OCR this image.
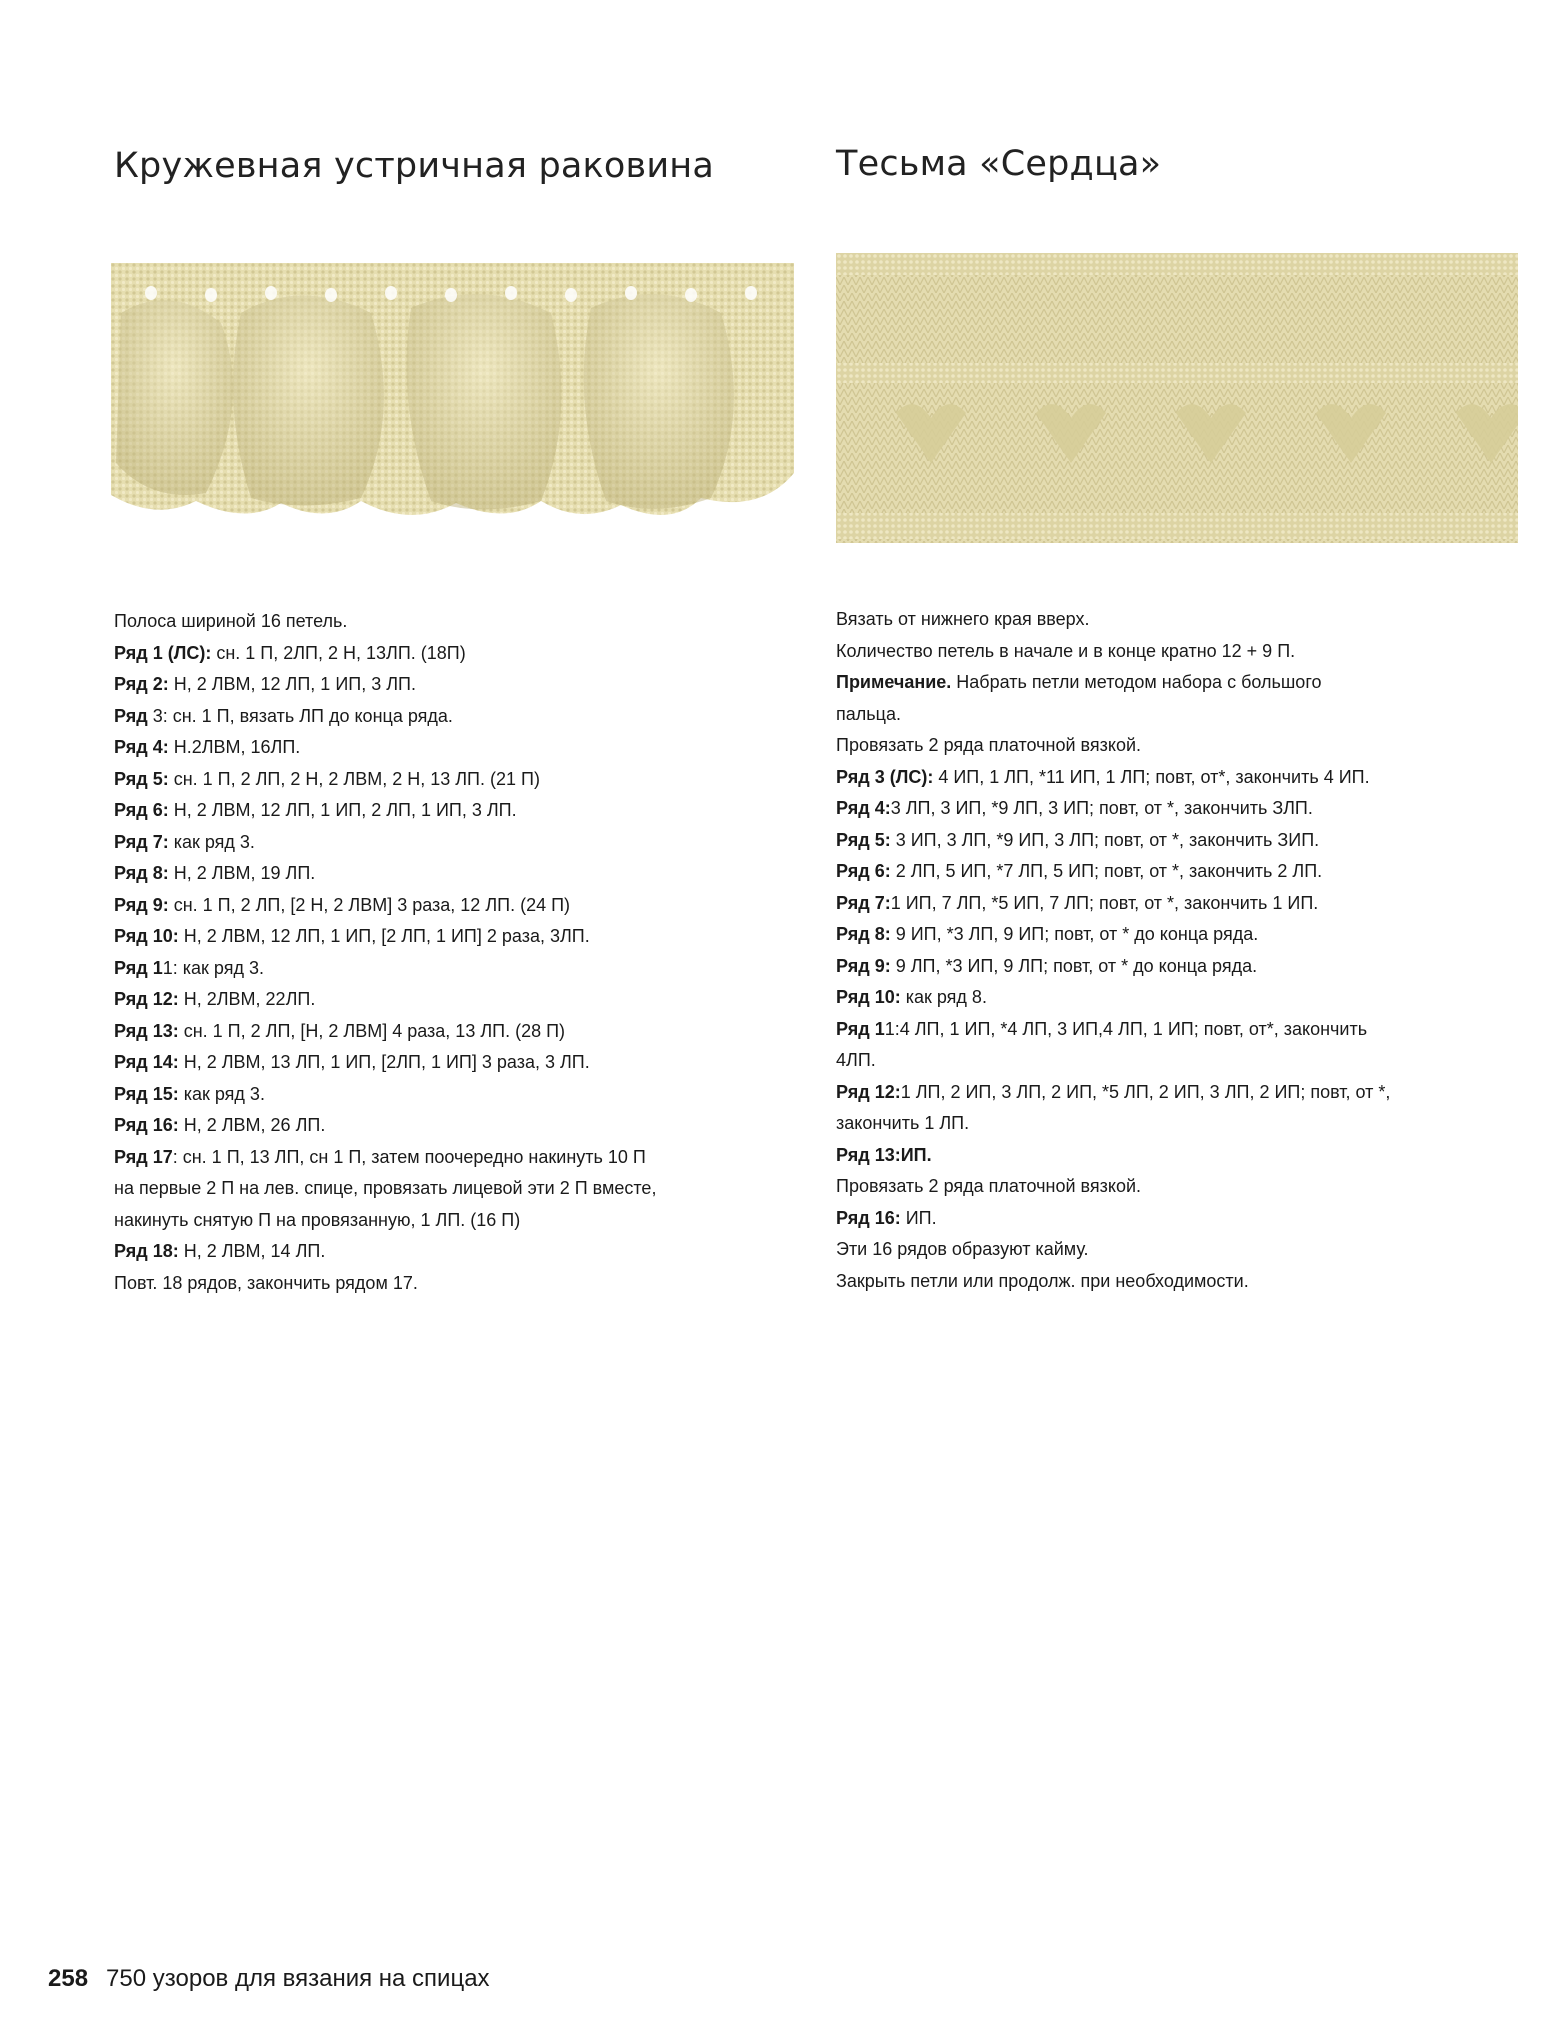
Кружевная устричная раковина
Полоса шириной 16 петель.
Ряд 1 (ЛС): сн. 1 П, 2ЛП, 2 Н, 13ЛП. (18П)
Ряд 2: Н, 2 ЛВМ, 12 ЛП, 1 ИП, 3 ЛП.
Ряд 3: сн. 1 П, вязать ЛП до конца ряда.
Ряд 4: Н.2ЛВМ, 16ЛП.
Ряд 5: сн. 1 П, 2 ЛП, 2 Н, 2 ЛВМ, 2 Н, 13 ЛП. (21 П)
Ряд 6: Н, 2 ЛВМ, 12 ЛП, 1 ИП, 2 ЛП, 1 ИП, 3 ЛП.
Ряд 7: как ряд 3.
Ряд 8: Н, 2 ЛВМ, 19 ЛП.
Ряд 9: сн. 1 П, 2 ЛП, [2 Н, 2 ЛВМ] 3 раза, 12 ЛП. (24 П)
Ряд 10: Н, 2 ЛВМ, 12 ЛП, 1 ИП, [2 ЛП, 1 ИП] 2 раза, 3ЛП.
Ряд 11: как ряд 3.
Ряд 12: Н, 2ЛВМ, 22ЛП.
Ряд 13: сн. 1 П, 2 ЛП, [Н, 2 ЛВМ] 4 раза, 13 ЛП. (28 П)
Ряд 14: Н, 2 ЛВМ, 13 ЛП, 1 ИП, [2ЛП, 1 ИП] 3 раза, 3 ЛП.
Ряд 15: как ряд 3.
Ряд 16: Н, 2 ЛВМ, 26 ЛП.
Ряд 17: сн. 1 П, 13 ЛП, сн 1 П, затем поочередно накинуть 10 П
на первые 2 П на лев. спице, провязать лицевой эти 2 П вместе,
накинуть снятую П на провязанную, 1 ЛП. (16 П)
Ряд 18: Н, 2 ЛВМ, 14 ЛП.
Повт. 18 рядов, закончить рядом 17.
Тесьма «Сердца»
Вязать от нижнего края вверх.
Количество петель в начале и в конце кратно 12 + 9 П.
Примечание. Набрать петли методом набора с большого
пальца.
Провязать 2 ряда платочной вязкой.
Ряд 3 (ЛС): 4 ИП, 1 ЛП, *11 ИП, 1 ЛП; повт, от*, закончить 4 ИП.
Ряд 4:3 ЛП, 3 ИП, *9 ЛП, 3 ИП; повт, от *, закончить ЗЛП.
Ряд 5: 3 ИП, 3 ЛП, *9 ИП, 3 ЛП; повт, от *, закончить ЗИП.
Ряд 6: 2 ЛП, 5 ИП, *7 ЛП, 5 ИП; повт, от *, закончить 2 ЛП.
Ряд 7:1 ИП, 7 ЛП, *5 ИП, 7 ЛП; повт, от *, закончить 1 ИП.
Ряд 8: 9 ИП, *3 ЛП, 9 ИП; повт, от * до конца ряда.
Ряд 9: 9 ЛП, *3 ИП, 9 ЛП; повт, от * до конца ряда.
Ряд 10: как ряд 8.
Ряд 11:4 ЛП, 1 ИП, *4 ЛП, 3 ИП,4 ЛП, 1 ИП; повт, от*, закончить
4ЛП.
Ряд 12:1 ЛП, 2 ИП, 3 ЛП, 2 ИП, *5 ЛП, 2 ИП, 3 ЛП, 2 ИП; повт, от *,
закончить 1 ЛП.
Ряд 13:ИП.
Провязать 2 ряда платочной вязкой.
Ряд 16: ИП.
Эти 16 рядов образуют кайму.
Закрыть петли или продолж. при необходимости.
258 750 узоров для вязания на спицах
